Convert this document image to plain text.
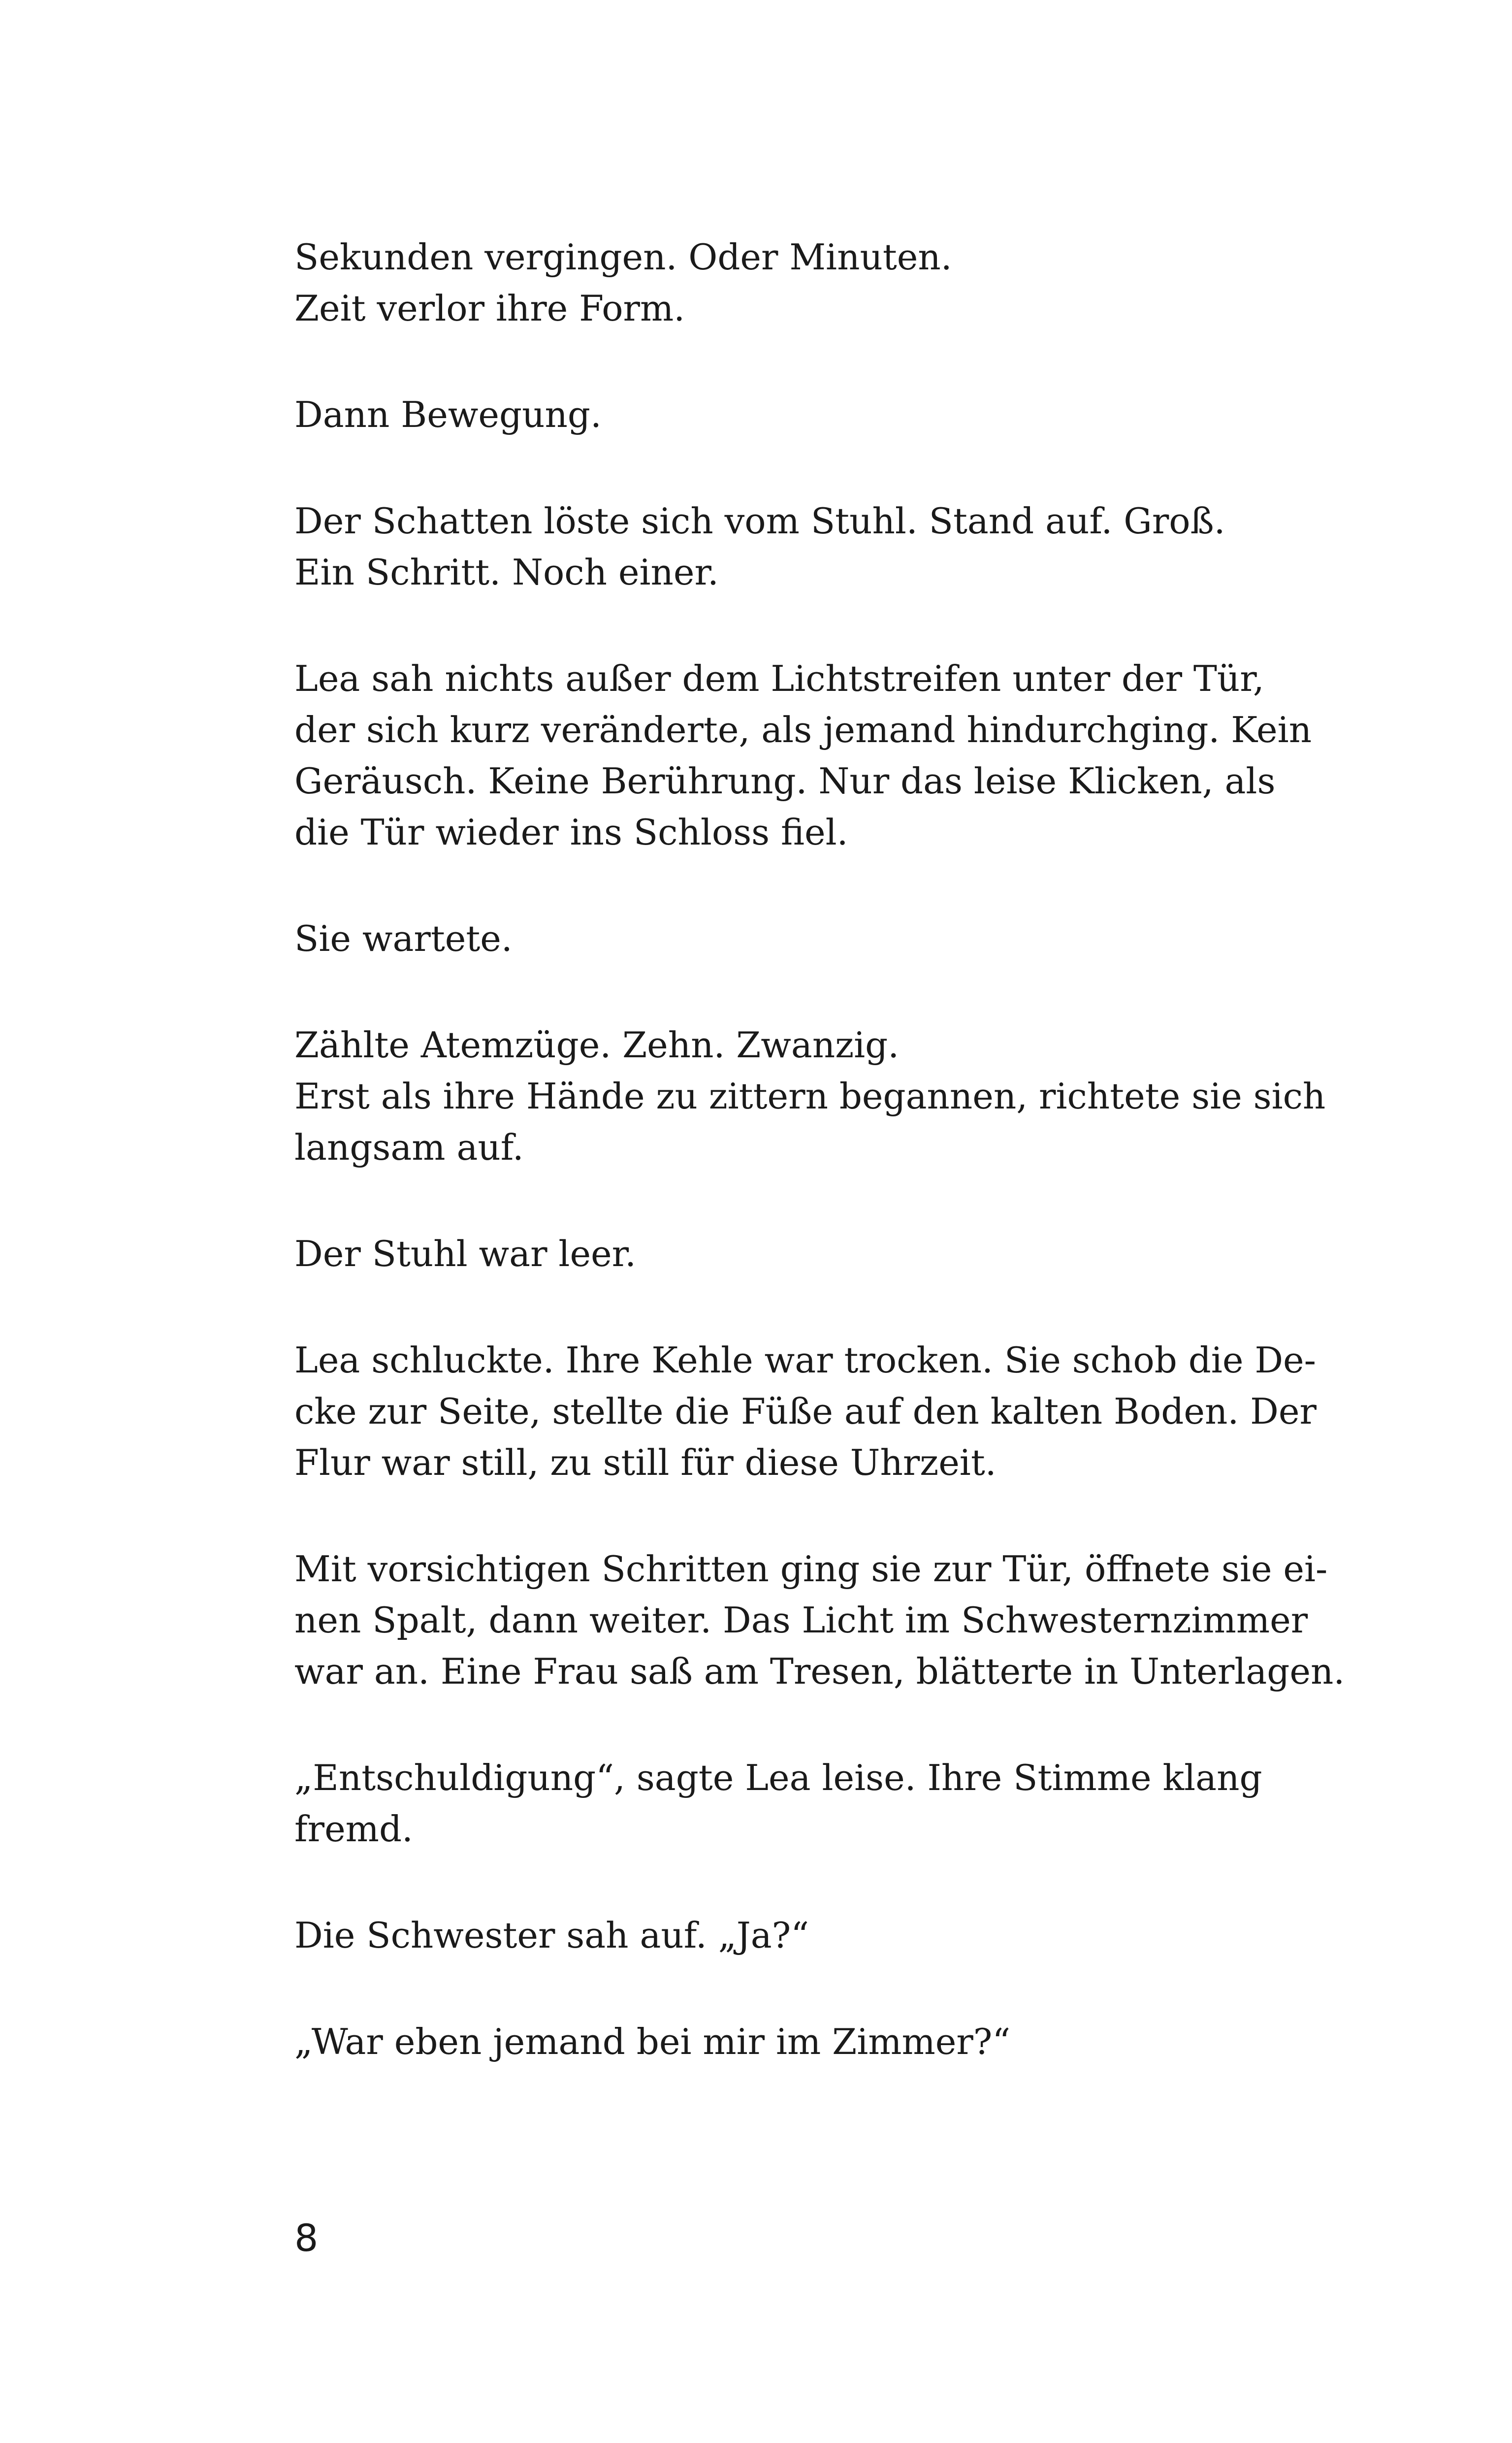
Sekunden vergingen. Oder Minuten.
Zeit verlor ihre Form.

Dann Bewegung.

Der Schatten löste sich vom Stuhl. Stand auf. Groß.
Ein Schritt. Noch einer.

Lea sah nichts außer dem Lichtstreifen unter der Tür,
der sich kurz veränderte, als jemand hindurchging. Kein
Geräusch. Keine Berührung. Nur das leise Klicken, als
die Tür wieder ins Schloss fiel.

Sie wartete.

Zählte Atemzüge. Zehn. Zwanzig.
Erst als ihre Hände zu zittern begannen, richtete sie sich
langsam auf.

Der Stuhl war leer.

Lea schluckte. Ihre Kehle war trocken. Sie schob die De-
cke zur Seite, stellte die Füße auf den kalten Boden. Der
Flur war still, zu still für diese Uhrzeit.

Mit vorsichtigen Schritten ging sie zur Tür, öffnete sie ei-
nen Spalt, dann weiter. Das Licht im Schwesternzimmer
war an. Eine Frau saß am Tresen, blätterte in Unterlagen.

„Entschuldigung“, sagte Lea leise. Ihre Stimme klang
fremd.

Die Schwester sah auf. „Ja?“

„War eben jemand bei mir im Zimmer?“

8
